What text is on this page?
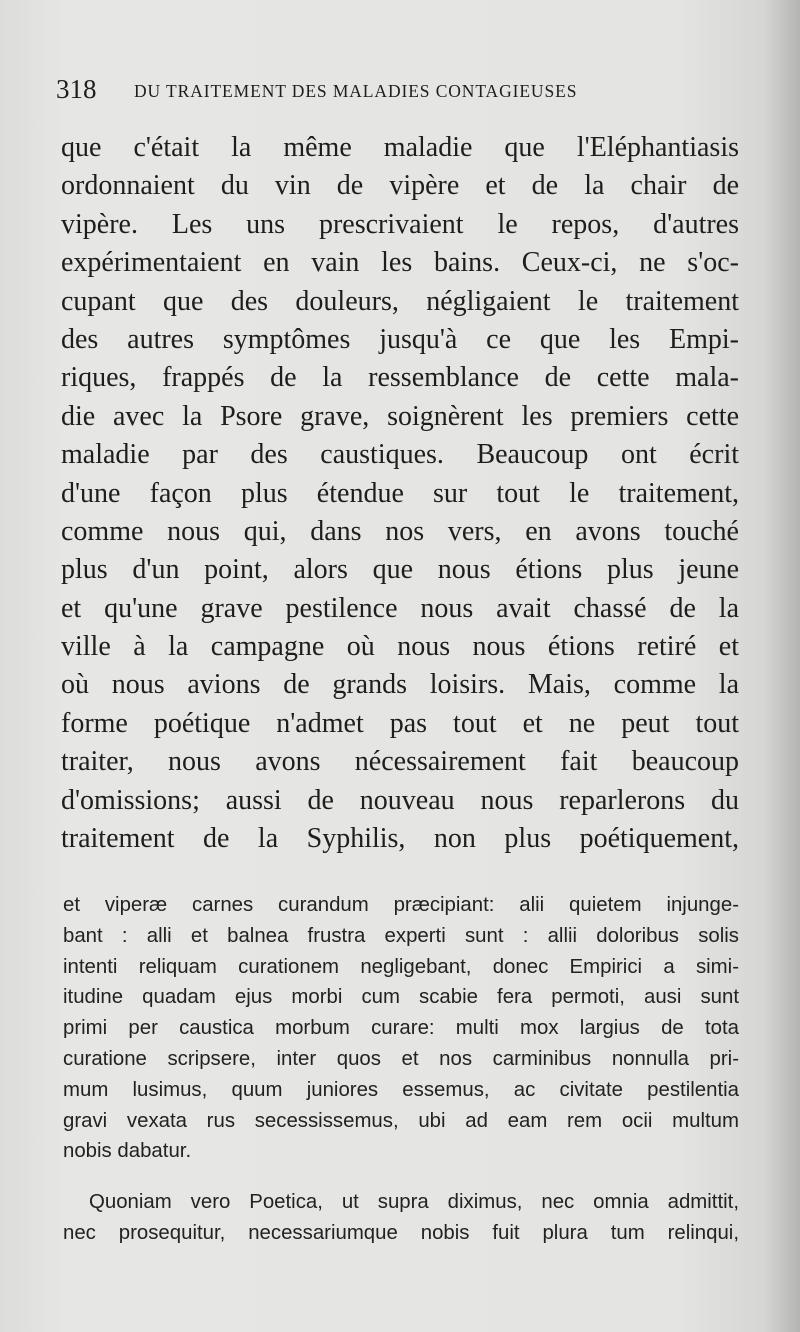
318 DU TRAITEMENT DES MALADIES CONTAGIEUSES
que c'était la même maladie que l'Eléphantiasis
ordonnaient du vin de vipère et de la chair de
vipère. Les uns prescrivaient le repos, d'autres
expérimentaient en vain les bains. Ceux-ci, ne s'oc-
cupant que des douleurs, négligaient le traitement
des autres symptômes jusqu'à ce que les Empi-
riques, frappés de la ressemblance de cette mala-
die avec la Psore grave, soignèrent les premiers cette
maladie par des caustiques. Beaucoup ont écrit
d'une façon plus étendue sur tout le traitement,
comme nous qui, dans nos vers, en avons touché
plus d'un point, alors que nous étions plus jeune
et qu'une grave pestilence nous avait chassé de la
ville à la campagne où nous nous étions retiré et
où nous avions de grands loisirs. Mais, comme la
forme poétique n'admet pas tout et ne peut tout
traiter, nous avons nécessairement fait beaucoup
d'omissions; aussi de nouveau nous reparlerons du
traitement de la Syphilis, non plus poétiquement,
et viperæ carnes curandum præcipiant: alii quietem injunge-
bant : alli et balnea frustra experti sunt : allii doloribus solis
intenti reliquam curationem negligebant, donec Empirici a simi-
itudine quadam ejus morbi cum scabie fera permoti, ausi sunt
primi per caustica morbum curare: multi mox largius de tota
curatione scripsere, inter quos et nos carminibus nonnulla pri-
mum lusimus, quum juniores essemus, ac civitate pestilentia
gravi vexata rus secessissemus, ubi ad eam rem ocii multum
nobis dabatur.
Quoniam vero Poetica, ut supra diximus, nec omnia admittit,
nec prosequitur, necessariumque nobis fuit plura tum relinqui,
